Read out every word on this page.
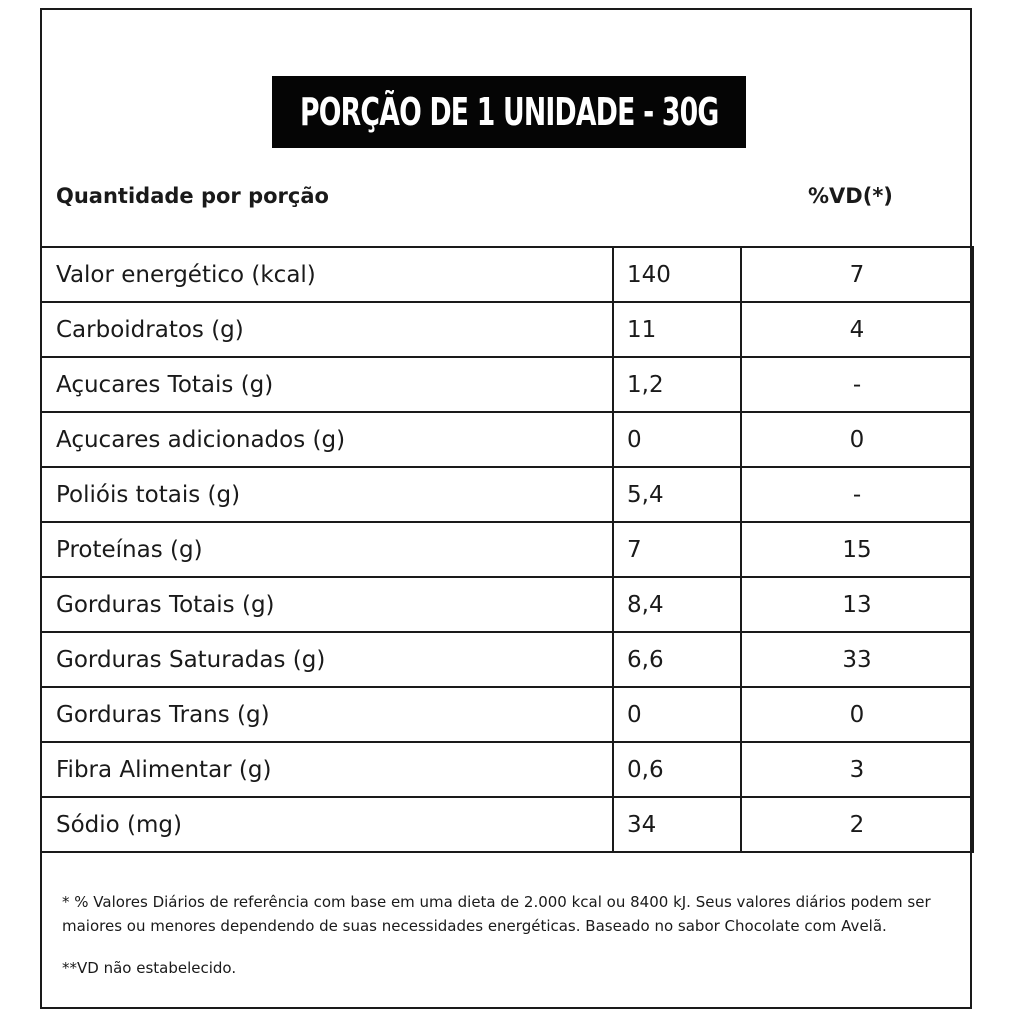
PORÇÃO DE 1 UNIDADE - 30G
Quantidade por porção	%VD(*)
Valor energético (kcal)	140	7
Carboidratos (g)	11	4
Açucares Totais (g)	1,2	-
Açucares adicionados (g)	0	0
Polióis totais (g)	5,4	-
Proteínas (g)	7	15
Gorduras Totais (g)	8,4	13
Gorduras Saturadas (g)	6,6	33
Gorduras Trans (g)	0	0
Fibra Alimentar (g)	0,6	3
Sódio (mg)	34	2

* % Valores Diários de referência com base em uma dieta de 2.000 kcal ou 8400 kJ. Seus valores diários podem ser maiores ou menores dependendo de suas necessidades energéticas. Baseado no sabor Chocolate com Avelã.

**VD não estabelecido.
